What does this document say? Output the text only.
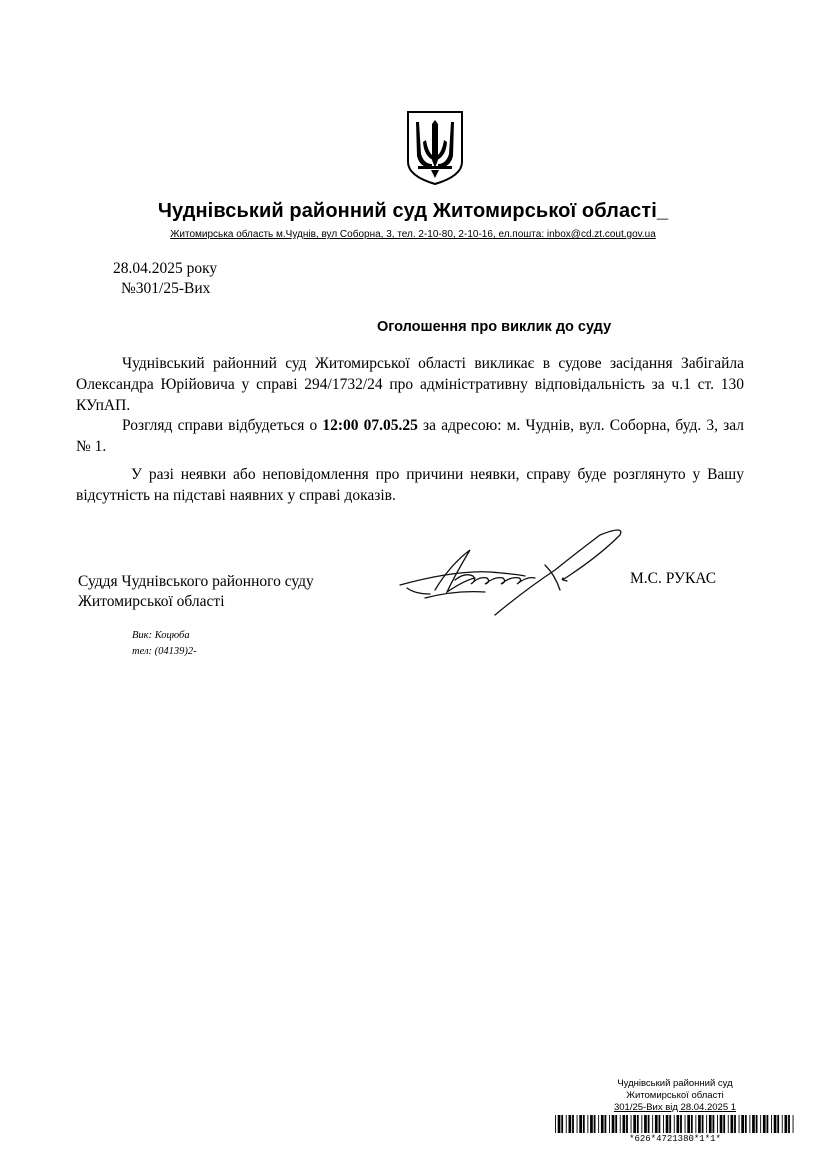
Чуднівський районний суд Житомирської області_
Житомирська область м.Чуднів, вул Соборна, 3, тел. 2-10-80, 2-10-16, ел.пошта: inbox@cd.zt.cout.gov.ua
28.04.2025 року
№301/25-Вих
Оголошення про виклик до суду
Чуднівський районний суд Житомирської області викликає в судове засідання Забігайла Олександра Юрійовича у справі 294/1732/24 про адміністративну відповідальність за ч.1 ст. 130 КУпАП.
Розгляд справи відбудеться о 12:00 07.05.25 за адресою: м. Чуднів, вул. Соборна, буд. 3, зал № 1.
У разі неявки або неповідомлення про причини неявки, справу буде розглянуто у Вашу відсутність на підставі наявних у справі доказів.
Суддя Чуднівського районного суду
Житомирської області
М.С. РУКАС
Вик: Коцюба
тел: (04139)2-
Чуднівський районний суд
Житомирської області
301/25-Вих від 28.04.2025 1
*626*4721380*1*1*
